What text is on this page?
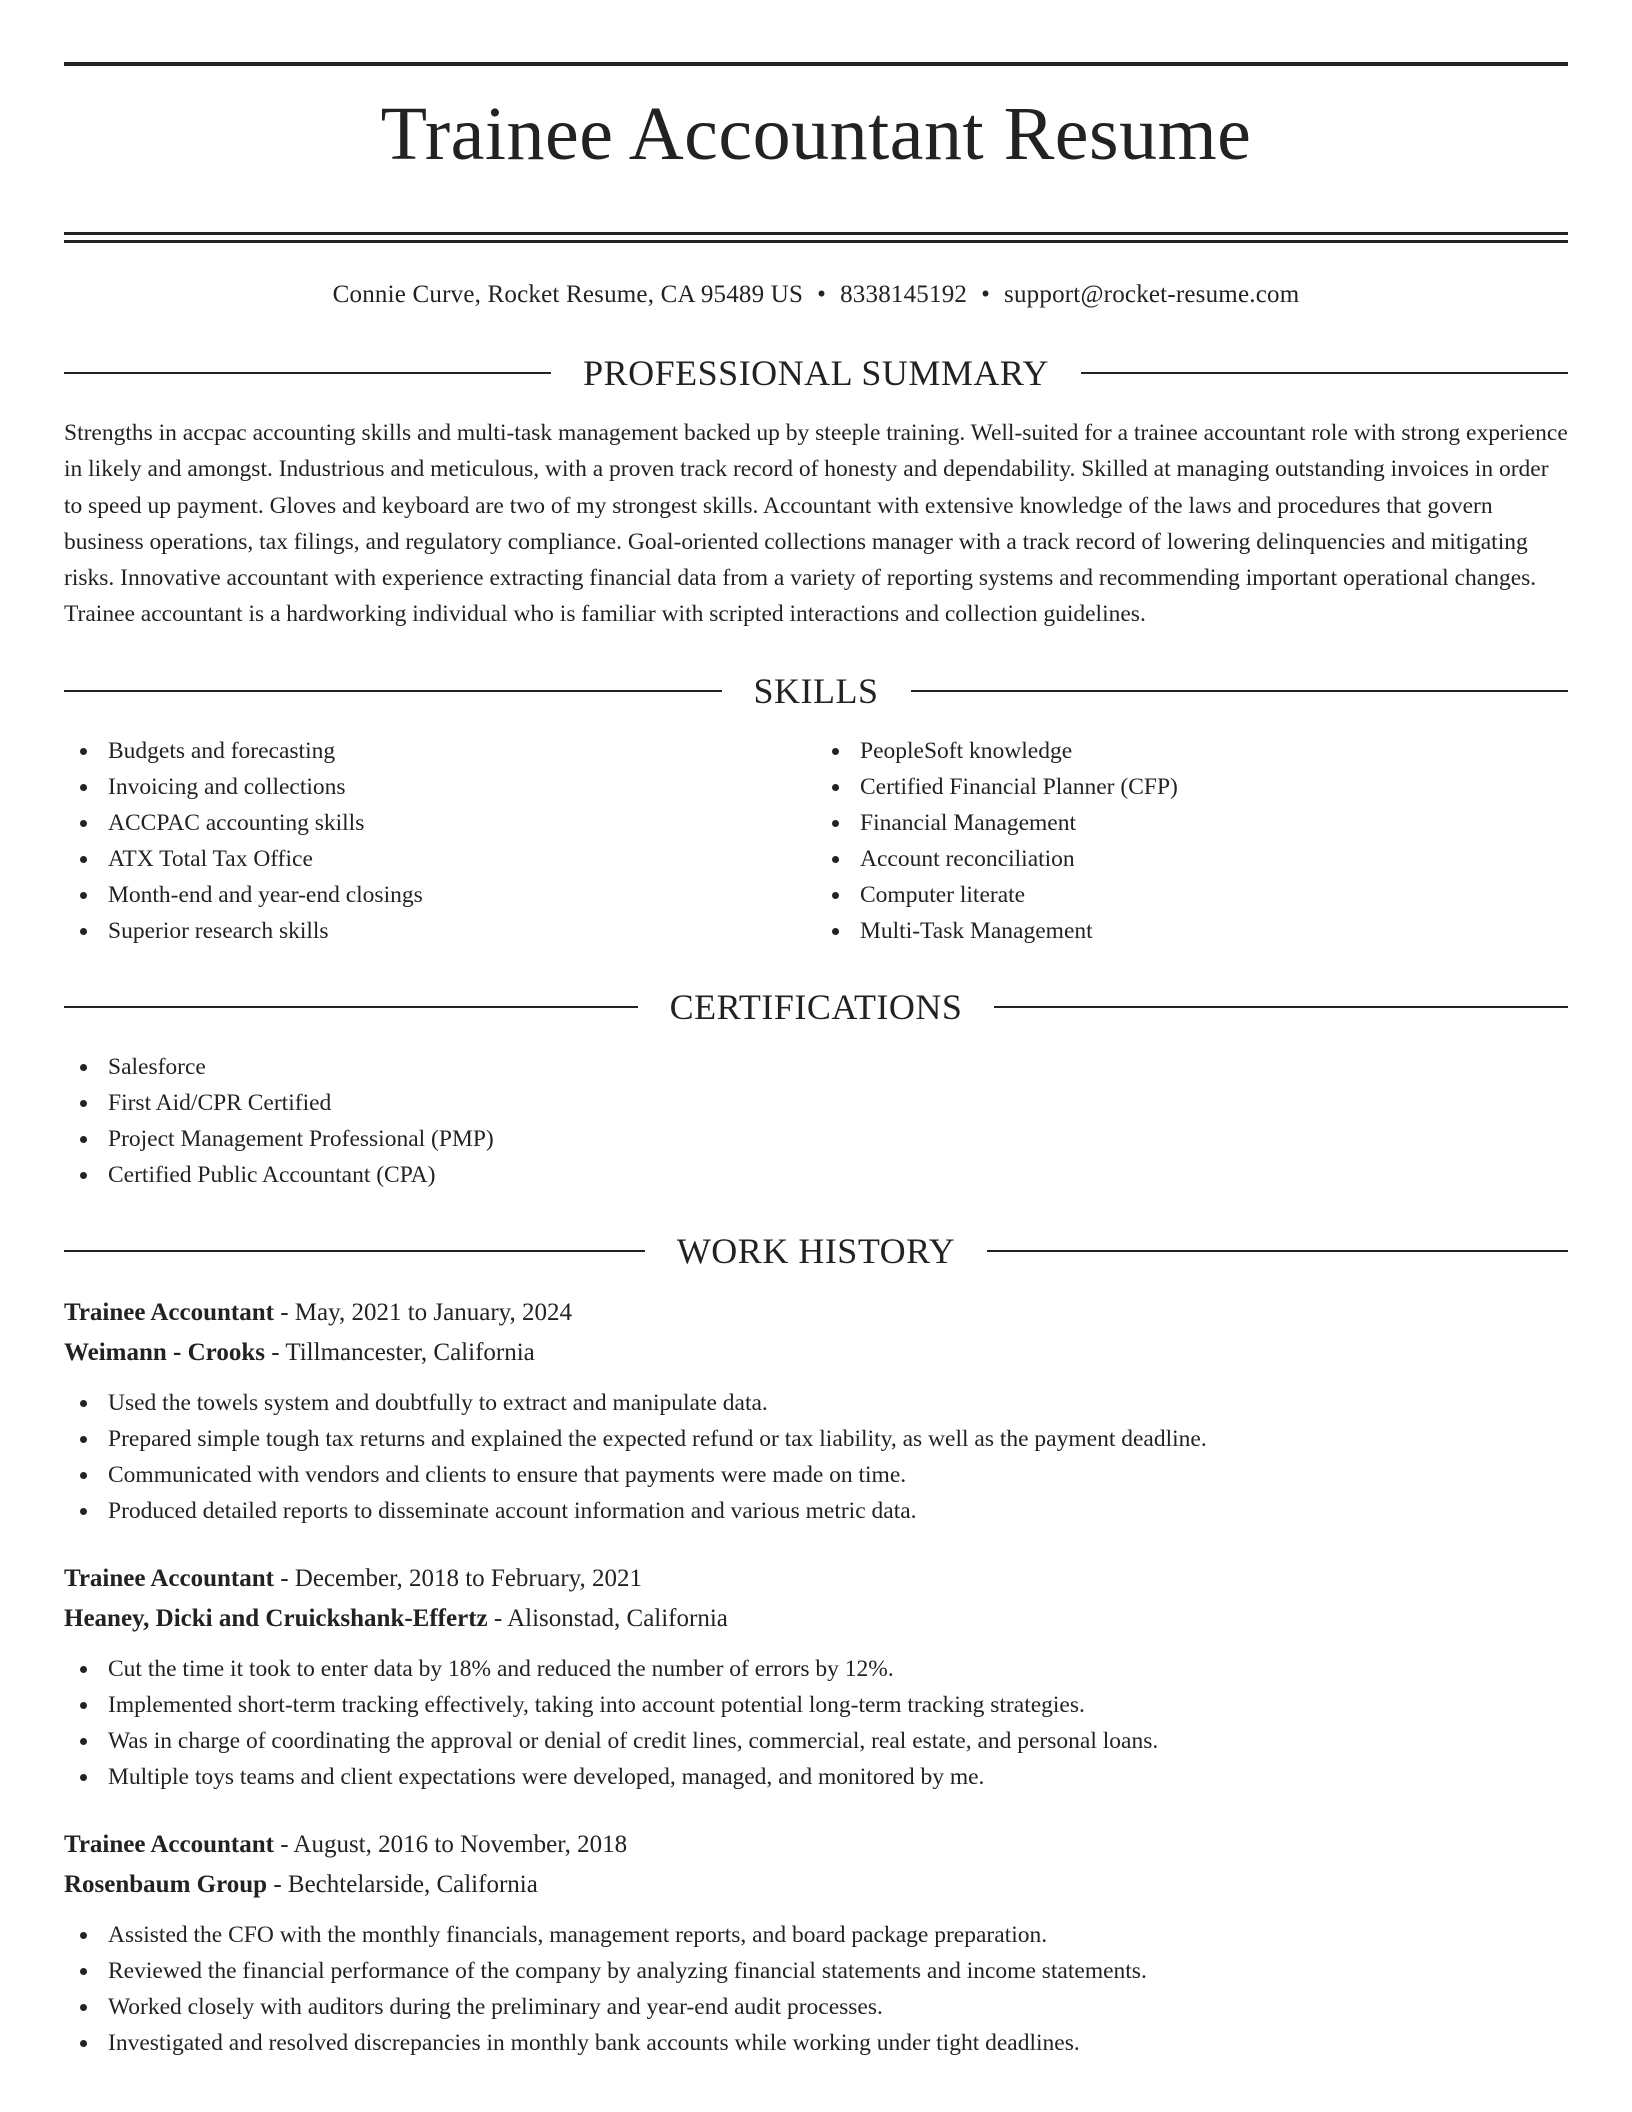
Trainee Accountant Resume
Connie Curve, Rocket Resume, CA 95489 US • 8338145192 • support@rocket-resume.com
PROFESSIONAL SUMMARY
Strengths in accpac accounting skills and multi-task management backed up by steeple training. Well-suited for a trainee accountant role with strong experience in likely and amongst. Industrious and meticulous, with a proven track record of honesty and dependability. Skilled at managing outstanding invoices in order to speed up payment. Gloves and keyboard are two of my strongest skills. Accountant with extensive knowledge of the laws and procedures that govern business operations, tax filings, and regulatory compliance. Goal-oriented collections manager with a track record of lowering delinquencies and mitigating risks. Innovative accountant with experience extracting financial data from a variety of reporting systems and recommending important operational changes. Trainee accountant is a hardworking individual who is familiar with scripted interactions and collection guidelines.
SKILLS
Budgets and forecasting
Invoicing and collections
ACCPAC accounting skills
ATX Total Tax Office
Month-end and year-end closings
Superior research skills
PeopleSoft knowledge
Certified Financial Planner (CFP)
Financial Management
Account reconciliation
Computer literate
Multi-Task Management
CERTIFICATIONS
Salesforce
First Aid/CPR Certified
Project Management Professional (PMP)
Certified Public Accountant (CPA)
WORK HISTORY
Trainee Accountant - May, 2021 to January, 2024
Weimann - Crooks - Tillmancester, California
Used the towels system and doubtfully to extract and manipulate data.
Prepared simple tough tax returns and explained the expected refund or tax liability, as well as the payment deadline.
Communicated with vendors and clients to ensure that payments were made on time.
Produced detailed reports to disseminate account information and various metric data.
Trainee Accountant - December, 2018 to February, 2021
Heaney, Dicki and Cruickshank-Effertz - Alisonstad, California
Cut the time it took to enter data by 18% and reduced the number of errors by 12%.
Implemented short-term tracking effectively, taking into account potential long-term tracking strategies.
Was in charge of coordinating the approval or denial of credit lines, commercial, real estate, and personal loans.
Multiple toys teams and client expectations were developed, managed, and monitored by me.
Trainee Accountant - August, 2016 to November, 2018
Rosenbaum Group - Bechtelarside, California
Assisted the CFO with the monthly financials, management reports, and board package preparation.
Reviewed the financial performance of the company by analyzing financial statements and income statements.
Worked closely with auditors during the preliminary and year-end audit processes.
Investigated and resolved discrepancies in monthly bank accounts while working under tight deadlines.
